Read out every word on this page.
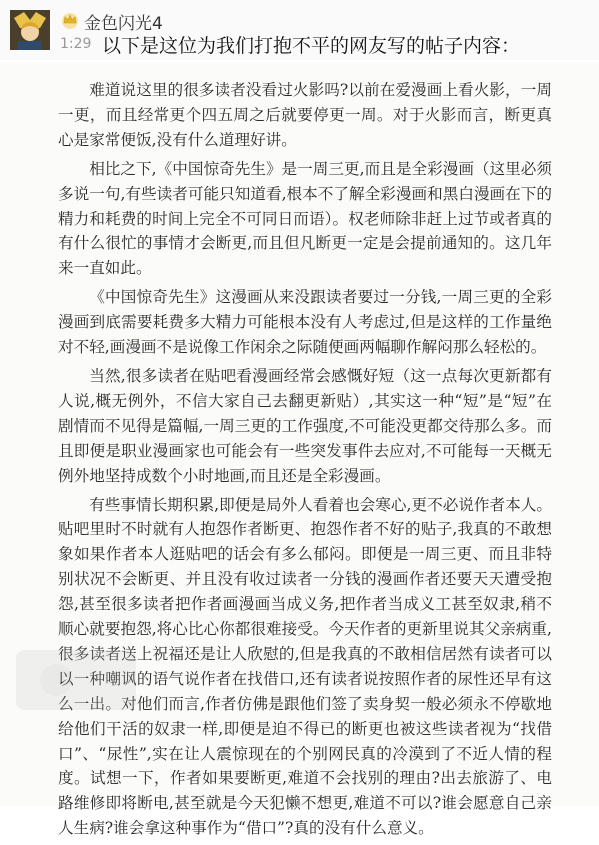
金色闪光4
1:29 以下是这位为我们打抱不平的网友写的帖子内容：

难道说这里的很多读者没看过火影吗?以前在爱漫画上看火影，一周一更，而且经常更个四五周之后就要停更一周。对于火影而言，断更真心是家常便饭,没有什么道理好讲。

相比之下,《中国惊奇先生》是一周三更,而且是全彩漫画（这里必须多说一句,有些读者可能只知道看,根本不了解全彩漫画和黑白漫画在下的精力和耗费的时间上完全不可同日而语）。权老师除非赶上过节或者真的有什么很忙的事情才会断更,而且但凡断更一定是会提前通知的。这几年来一直如此。

《中国惊奇先生》这漫画从来没跟读者要过一分钱,一周三更的全彩漫画到底需要耗费多大精力可能根本没有人考虑过,但是这样的工作量绝对不轻,画漫画不是说像工作闲余之际随便画两幅聊作解闷那么轻松的。

当然,很多读者在贴吧看漫画经常会感慨好短（这一点每次更新都有人说,概无例外，不信大家自己去翻更新贴）,其实这一种“短”是“短”在剧情而不见得是篇幅,一周三更的工作强度,不可能没更都交待那么多。而且即便是职业漫画家也可能会有一些突发事件去应对,不可能每一天概无例外地坚持成数个小时地画,而且还是全彩漫画。

有些事情长期积累,即便是局外人看着也会寒心,更不必说作者本人。贴吧里时不时就有人抱怨作者断更、抱怨作者不好的贴子,我真的不敢想象如果作者本人逛贴吧的话会有多么郁闷。即便是一周三更、而且非特别状况不会断更、并且没有收过读者一分钱的漫画作者还要天天遭受抱怨,甚至很多读者把作者画漫画当成义务,把作者当成义工甚至奴隶,稍不顺心就要抱怨,将心比心你都很难接受。今天作者的更新里说其父亲病重,很多读者送上祝福还是让人欣慰的,但是我真的不敢相信居然有读者可以以一种嘲讽的语气说作者在找借口,还有读者说按照作者的尿性还早有这么一出。对他们而言,作者仿佛是跟他们签了卖身契一般必须永不停歇地给他们干活的奴隶一样,即便是迫不得已的断更也被这些读者视为“找借口”、“尿性”,实在让人震惊现在的个别网民真的冷漠到了不近人情的程度。试想一下，作者如果要断更,难道不会找别的理由?出去旅游了、电路维修即将断电,甚至就是今天犯懒不想更,难道不可以?谁会愿意自己亲人生病?谁会拿这种事作为“借口”?真的没有什么意义。
